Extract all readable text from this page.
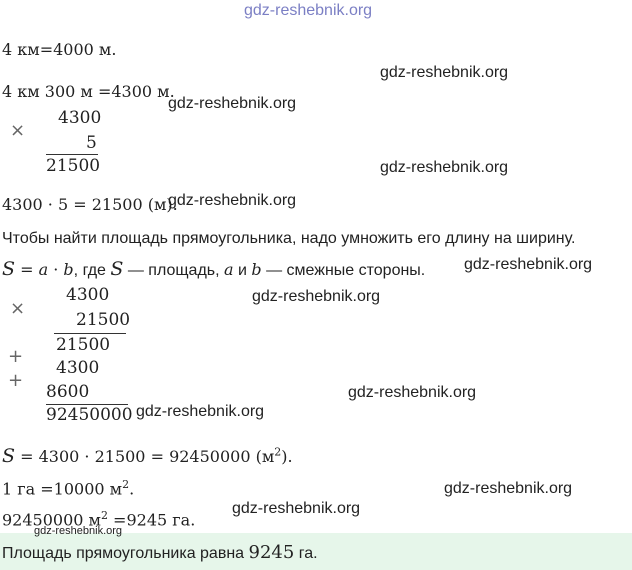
gdz-reshebnik.org
4 км=4000 м.
4 км 300 м =4300 м.
×
4300
5
21500
4300 · 5 = 21500 (м).
Чтобы найти площадь прямоугольника, надо умножить его длину на ширину.
S = a · b, где S — площадь, a и b — смежные стороны.
×
4300
21500
21500
+
4300
+
8600
92450000
S = 4300 · 21500 = 92450000 $(м^2)$.
1 га =10000 $м^2$.
92450000 $м^2 =9245$ га.
Площадь прямоугольника равна 9245 га.
gdz-reshebnik.org
gdz-reshebnik.org
gdz-reshebnik.org
gdz-reshebnik.org
gdz-reshebnik.org
gdz-reshebnik.org
gdz-reshebnik.org
gdz-reshebnik.org
gdz-reshebnik.org
gdz-reshebnik.org
gdz-reshebnik.org
